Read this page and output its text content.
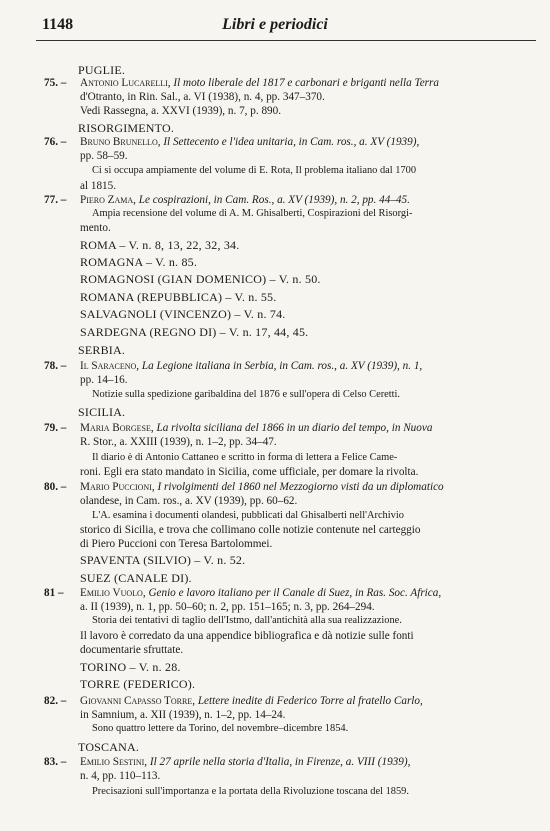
1148	Libri e periodici
PUGLIE.
75. – Antonio Lucarelli, Il moto liberale del 1817 e carbonari e briganti nella Terra
d'Otranto, in Rin. Sal., a. VI (1938), n. 4, pp. 347–370.
Vedi Rassegna, a. XXVI (1939), n. 7, p. 890.
RISORGIMENTO.
76. – Bruno Brunello, Il Settecento e l'idea unitaria, in Cam. ros., a. XV (1939),
pp. 58–59.
Ci si occupa ampiamente del volume di E. Rota, Il problema italiano dal 1700
al 1815.
77. – Piero Zama, Le cospirazioni, in Cam. Ros., a. XV (1939), n. 2, pp. 44–45.
Ampia recensione del volume di A. M. Ghisalberti, Cospirazioni del Risorgi-
mento.
ROMA – V. n. 8, 13, 22, 32, 34.
ROMAGNA – V. n. 85.
ROMAGNOSI (GIAN DOMENICO) – V. n. 50.
ROMANA (REPUBBLICA) – V. n. 55.
SALVAGNOLI (VINCENZO) – V. n. 74.
SARDEGNA (REGNO DI) – V. n. 17, 44, 45.
SERBIA.
78. – Il Saraceno, La Legione italiana in Serbia, in Cam. ros., a. XV (1939), n. 1,
pp. 14–16.
Notizie sulla spedizione garibaldina del 1876 e sull'opera di Celso Ceretti.
SICILIA.
79. – Maria Borgese, La rivolta siciliana del 1866 in un diario del tempo, in Nuova
R. Stor., a. XXIII (1939), n. 1–2, pp. 34–47.
Il diario è di Antonio Cattaneo e scritto in forma di lettera a Felice Came-
roni. Egli era stato mandato in Sicilia, come ufficiale, per domare la rivolta.
80. – Mario Puccioni, I rivolgimenti del 1860 nel Mezzogiorno visti da un diplomatico
olandese, in Cam. ros., a. XV (1939), pp. 60–62.
L'A. esamina i documenti olandesi, pubblicati dal Ghisalberti nell'Archivio
storico di Sicilia, e trova che collimano colle notizie contenute nel carteggio
di Piero Puccioni con Teresa Bartolommei.
SPAVENTA (SILVIO) – V. n. 52.
SUEZ (CANALE DI).
81 – Emilio Vuolo, Genio e lavoro italiano per il Canale di Suez, in Ras. Soc. Africa,
a. II (1939), n. 1, pp. 50–60; n. 2, pp. 151–165; n. 3, pp. 264–294.
Storia dei tentativi di taglio dell'Istmo, dall'antichità alla sua realizzazione.
Il lavoro è corredato da una appendice bibliografica e dà notizie sulle fonti
documentarie sfruttate.
TORINO – V. n. 28.
TORRE (FEDERICO).
82. – Giovanni Capasso Torre, Lettere inedite di Federico Torre al fratello Carlo,
in Samnium, a. XII (1939), n. 1–2, pp. 14–24.
Sono quattro lettere da Torino, del novembre–dicembre 1854.
TOSCANA.
83. – Emilio Sestini, Il 27 aprile nella storia d'Italia, in Firenze, a. VIII (1939),
n. 4, pp. 110–113.
Precisazioni sull'importanza e la portata della Rivoluzione toscana del 1859.
